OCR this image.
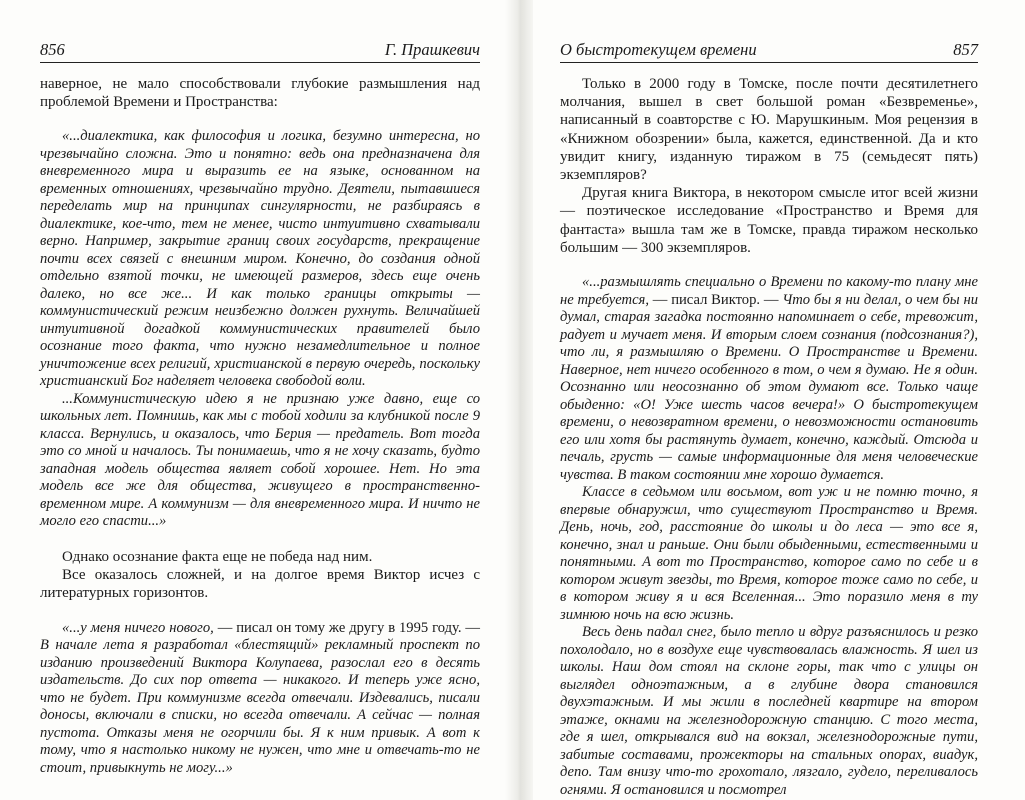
856	Г. Прашкевич

наверное, не мало способствовали глубокие размышления над проблемой Времени и Пространства:

«...диалектика, как философия и логика, безумно интересна, но чрезвычайно сложна. Это и понятно: ведь она предназначена для вневременного мира и выразить ее на языке, основанном на временных отношениях, чрезвычайно трудно. Деятели, пытавшиеся переделать мир на принципах сингулярности, не разбираясь в диалектике, кое-что, тем не менее, чисто интуитивно схватывали верно. Например, закрытие границ своих государств, прекращение почти всех связей с внешним миром. Конечно, до создания одной отдельно взятой точки, не имеющей размеров, здесь еще очень далеко, но все же... И как только границы открыты — коммунистический режим неизбежно должен рухнуть. Величайшей интуитивной догадкой коммунистических правителей было осознание того факта, что нужно незамедлительное и полное уничтожение всех религий, христианской в первую очередь, поскольку христианский Бог наделяет человека свободой воли.

...Коммунистическую идею я не признаю уже давно, еще со школьных лет. Помнишь, как мы с тобой ходили за клубникой после 9 класса. Вернулись, и оказалось, что Берия — предатель. Вот тогда это со мной и началось. Ты понимаешь, что я не хочу сказать, будто западная модель общества являет собой хорошее. Нет. Но эта модель все же для общества, живущего в пространственно-временном мире. А коммунизм — для вневременного мира. И ничто не могло его спасти...»

Однако осознание факта еще не победа над ним.

Все оказалось сложней, и на долгое время Виктор исчез с литературных горизонтов.

«...у меня ничего нового, — писал он тому же другу в 1995 году. — В начале лета я разработал «блестящий» рекламный проспект по изданию произведений Виктора Колупаева, разослал его в десять издательств. До сих пор ответа — никакого. И теперь уже ясно, что не будет. При коммунизме всегда отвечали. Издевались, писали доносы, включали в списки, но всегда отвечали. А сейчас — полная пустота. Отказы меня не огорчили бы. Я к ним привык. А вот к тому, что я настолько никому не нужен, что мне и отвечать-то не стоит, привыкнуть не могу...»

О быстротекущем времени	857

Только в 2000 году в Томске, после почти десятилетнего молчания, вышел в свет большой роман «Безвременье», написанный в соавторстве с Ю. Марушкиным. Моя рецензия в «Книжном обозрении» была, кажется, единственной. Да и кто увидит книгу, изданную тиражом в 75 (семьдесят пять) экземпляров?

Другая книга Виктора, в некотором смысле итог всей жизни — поэтическое исследование «Пространство и Время для фантаста» вышла там же в Томске, правда тиражом несколько большим — 300 экземпляров.

«...размышлять специально о Времени по какому-то плану мне не требуется, — писал Виктор. — Что бы я ни делал, о чем бы ни думал, старая загадка постоянно напоминает о себе, тревожит, радует и мучает меня. И вторым слоем сознания (подсознания?), что ли, я размышляю о Времени. О Пространстве и Времени. Наверное, нет ничего особенного в том, о чем я думаю. Не я один. Осознанно или неосознанно об этом думают все. Только чаще обыденно: «О! Уже шесть часов вечера!» О быстротекущем времени, о невозвратном времени, о невозможности остановить его или хотя бы растянуть думает, конечно, каждый. Отсюда и печаль, грусть — самые информационные для меня человеческие чувства. В таком состоянии мне хорошо думается.

Классе в седьмом или восьмом, вот уж и не помню точно, я впервые обнаружил, что существуют Пространство и Время. День, ночь, год, расстояние до школы и до леса — это все я, конечно, знал и раньше. Они были обыденными, естественными и понятными. А вот то Пространство, которое само по себе и в котором живут звезды, то Время, которое тоже само по себе, и в котором живу я и вся Вселенная... Это поразило меня в ту зимнюю ночь на всю жизнь.

Весь день падал снег, было тепло и вдруг разъяснилось и резко похолодало, но в воздухе еще чувствовалась влажность. Я шел из школы. Наш дом стоял на склоне горы, так что с улицы он выглядел одноэтажным, а в глубине двора становился двухэтажным. И мы жили в последней квартире на втором этаже, окнами на железнодорожную станцию. С того места, где я шел, открывался вид на вокзал, железнодорожные пути, забитые составами, прожекторы на стальных опорах, виадук, депо. Там внизу что-то грохотало, лязгало, гудело, переливалось огнями. Я остановился и посмотрел
